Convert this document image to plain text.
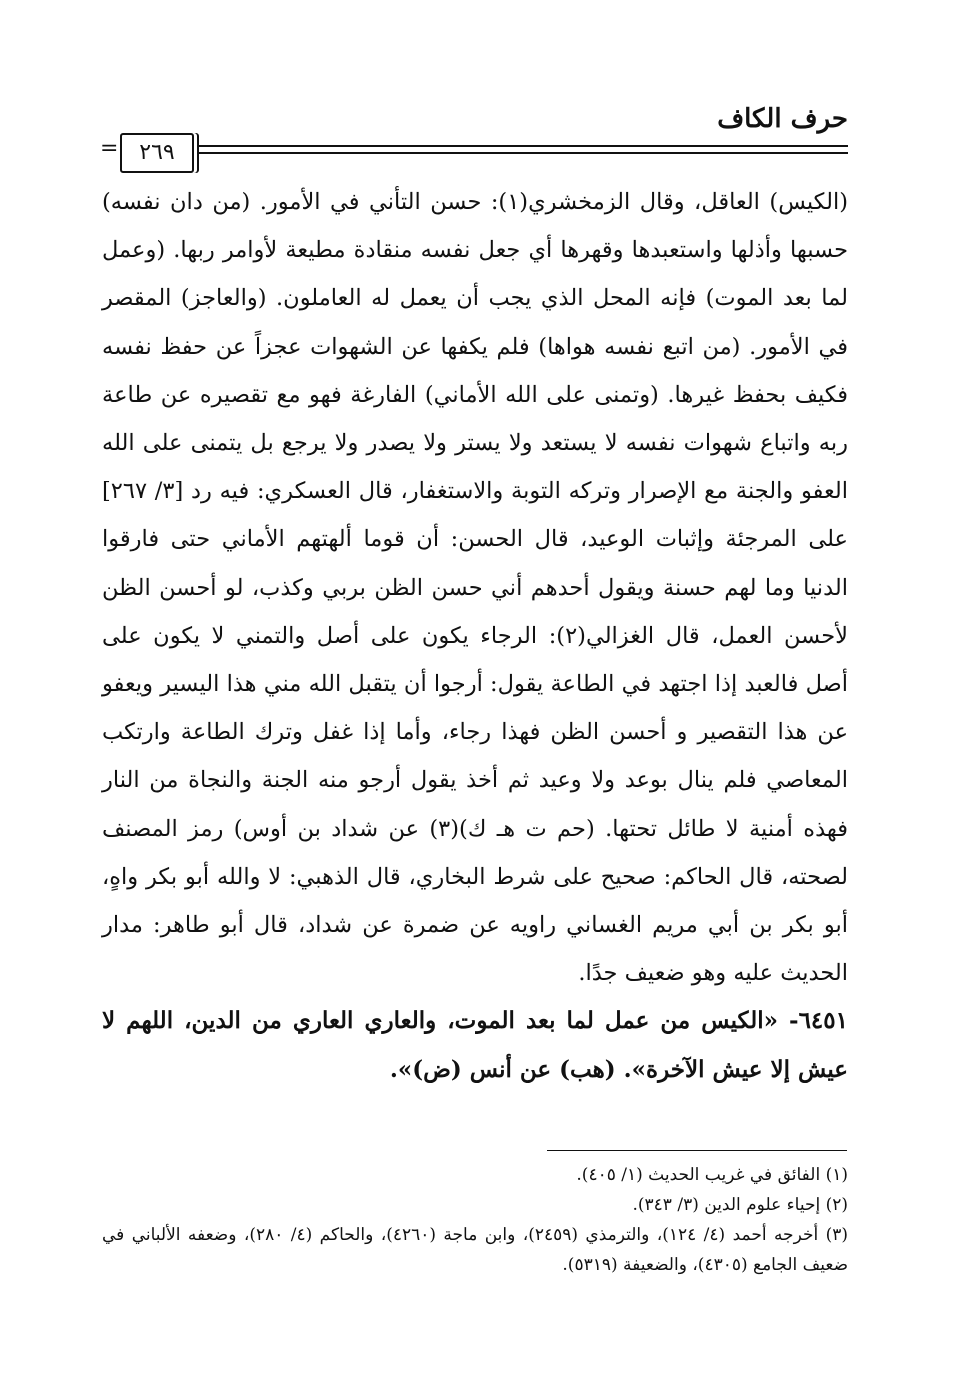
حرف الكاف
٢٦٩
=

(الكيس) العاقل، وقال الزمخشري(١): حسن التأني في الأمور. (من دان نفسه) حسبها وأذلها واستعبدها وقهرها أي جعل نفسه منقادة مطيعة لأوامر ربها. (وعمل لما بعد الموت) فإنه المحل الذي يجب أن يعمل له العاملون. (والعاجز) المقصر في الأمور. (من اتبع نفسه هواها) فلم يكفها عن الشهوات عجزاً عن حفظ نفسه فكيف بحفظ غيرها. (وتمنى على الله الأماني) الفارغة فهو مع تقصيره عن طاعة ربه واتباع شهوات نفسه لا يستعد ولا يستر ولا يصدر ولا يرجع بل يتمنى على الله العفو والجنة مع الإصرار وتركه التوبة والاستغفار، قال العسكري: فيه رد [٣/ ٢٦٧] على المرجئة وإثبات الوعيد، قال الحسن: أن قوما ألهتهم الأماني حتى فارقوا الدنيا وما لهم حسنة ويقول أحدهم أني حسن الظن بربي وكذب، لو أحسن الظن لأحسن العمل، قال الغزالي(٢): الرجاء يكون على أصل والتمني لا يكون على أصل فالعبد إذا اجتهد في الطاعة يقول: أرجوا أن يتقبل الله مني هذا اليسير ويعفو عن هذا التقصير و أحسن الظن فهذا رجاء، وأما إذا غفل وترك الطاعة وارتكب المعاصي فلم ينال بوعد ولا وعيد ثم أخذ يقول أرجو منه الجنة والنجاة من النار فهذه أمنية لا طائل تحتها. (حم ت هـ ك)(٣) عن شداد بن أوس) رمز المصنف لصحته، قال الحاكم: صحيح على شرط البخاري، قال الذهبي: لا والله أبو بكر واهٍ، أبو بكر بن أبي مريم الغساني راويه عن ضمرة عن شداد، قال أبو طاهر: مدار الحديث عليه وهو ضعيف جدًا.

٦٤٥١- «الكيس من عمل لما بعد الموت، والعاري العاري من الدين، اللهم لا عيش إلا عيش الآخرة». (هب) عن أنس (ض)».

(١) الفائق في غريب الحديث (١/ ٤٠٥).

(٢) إحياء علوم الدين (٣/ ٣٤٣).

(٣) أخرجه أحمد (٤/ ١٢٤)، والترمذي (٢٤٥٩)، وابن ماجة (٤٢٦٠)، والحاكم (٤/ ٢٨٠)، وضعفه الألباني في ضعيف الجامع (٤٣٠٥)، والضعيفة (٥٣١٩).
